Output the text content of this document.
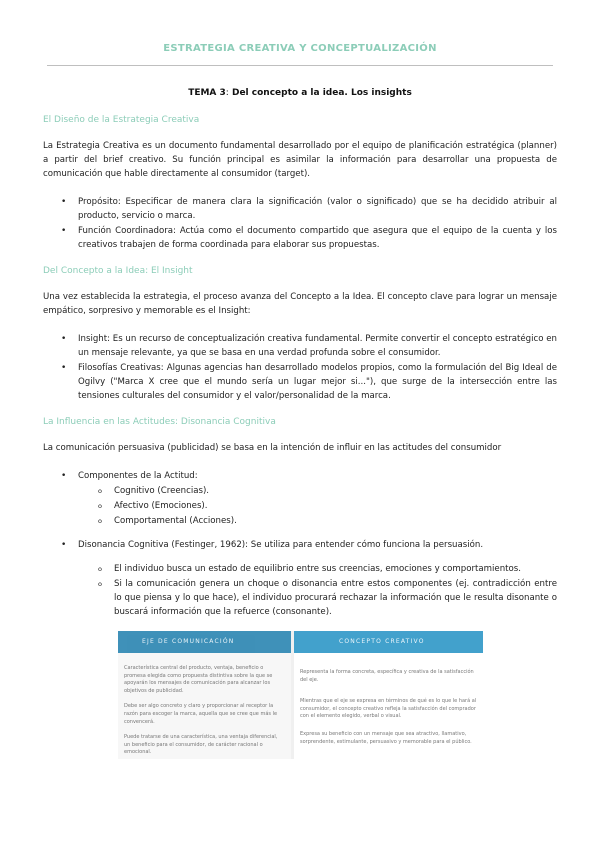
ESTRATEGIA CREATIVA Y CONCEPTUALIZACIÓN
TEMA 3: Del concepto a la idea. Los insights
El Diseño de la Estrategia Creativa

La Estrategia Creativa es un documento fundamental desarrollado por el equipo de planificación estratégica (planner) a partir del brief creativo. Su función principal es asimilar la información para desarrollar una propuesta de comunicación que hable directamente al consumidor (target).

• Propósito: Especificar de manera clara la significación (valor o significado) que se ha decidido atribuir al producto, servicio o marca.
• Función Coordinadora: Actúa como el documento compartido que asegura que el equipo de la cuenta y los creativos trabajen de forma coordinada para elaborar sus propuestas.
Del Concepto a la Idea: El Insight

Una vez establecida la estrategia, el proceso avanza del Concepto a la Idea. El concepto clave para lograr un mensaje empático, sorpresivo y memorable es el Insight:

• Insight: Es un recurso de conceptualización creativa fundamental. Permite convertir el concepto estratégico en un mensaje relevante, ya que se basa en una verdad profunda sobre el consumidor.
• Filosofías Creativas: Algunas agencias han desarrollado modelos propios, como la formulación del Big Ideal de Ogilvy ("Marca X cree que el mundo sería un lugar mejor si..."), que surge de la intersección entre las tensiones culturales del consumidor y el valor/personalidad de la marca.
La Influencia en las Actitudes: Disonancia Cognitiva

La comunicación persuasiva (publicidad) se basa en la intención de influir en las actitudes del consumidor

• Componentes de la Actitud:
o Cognitivo (Creencias).
o Afectivo (Emociones).
o Comportamental (Acciones).
• Disonancia Cognitiva (Festinger, 1962): Se utiliza para entender cómo funciona la persuasión.
o El individuo busca un estado de equilibrio entre sus creencias, emociones y comportamientos.
o Si la comunicación genera un choque o disonancia entre estos componentes (ej. contradicción entre lo que piensa y lo que hace), el individuo procurará rechazar la información que le resulta disonante o buscará información que la refuerce (consonante).
EJE DE COMUNICACIÓN
Característica central del producto, ventaja, beneficio o promesa elegida como propuesta distintiva sobre la que se apoyarán los mensajes de comunicación para alcanzar los objetivos de publicidad.
Debe ser algo concreto y claro y proporcionar al receptor la razón para escoger la marca, aquella que se cree que más le convencerá.
Puede tratarse de una característica, una ventaja diferencial, un beneficio para el consumidor, de carácter racional o emocional.
CONCEPTO CREATIVO
Representa la forma concreta, específica y creativa de la satisfacción del eje.
Mientras que el eje se expresa en términos de qué es lo que le hará al consumidor, el concepto creativo refleja la satisfacción del comprador con el elemento elegido, verbal o visual.
Expresa su beneficio con un mensaje que sea atractivo, llamativo, sorprendente, estimulante, persuasivo y memorable para el público.
